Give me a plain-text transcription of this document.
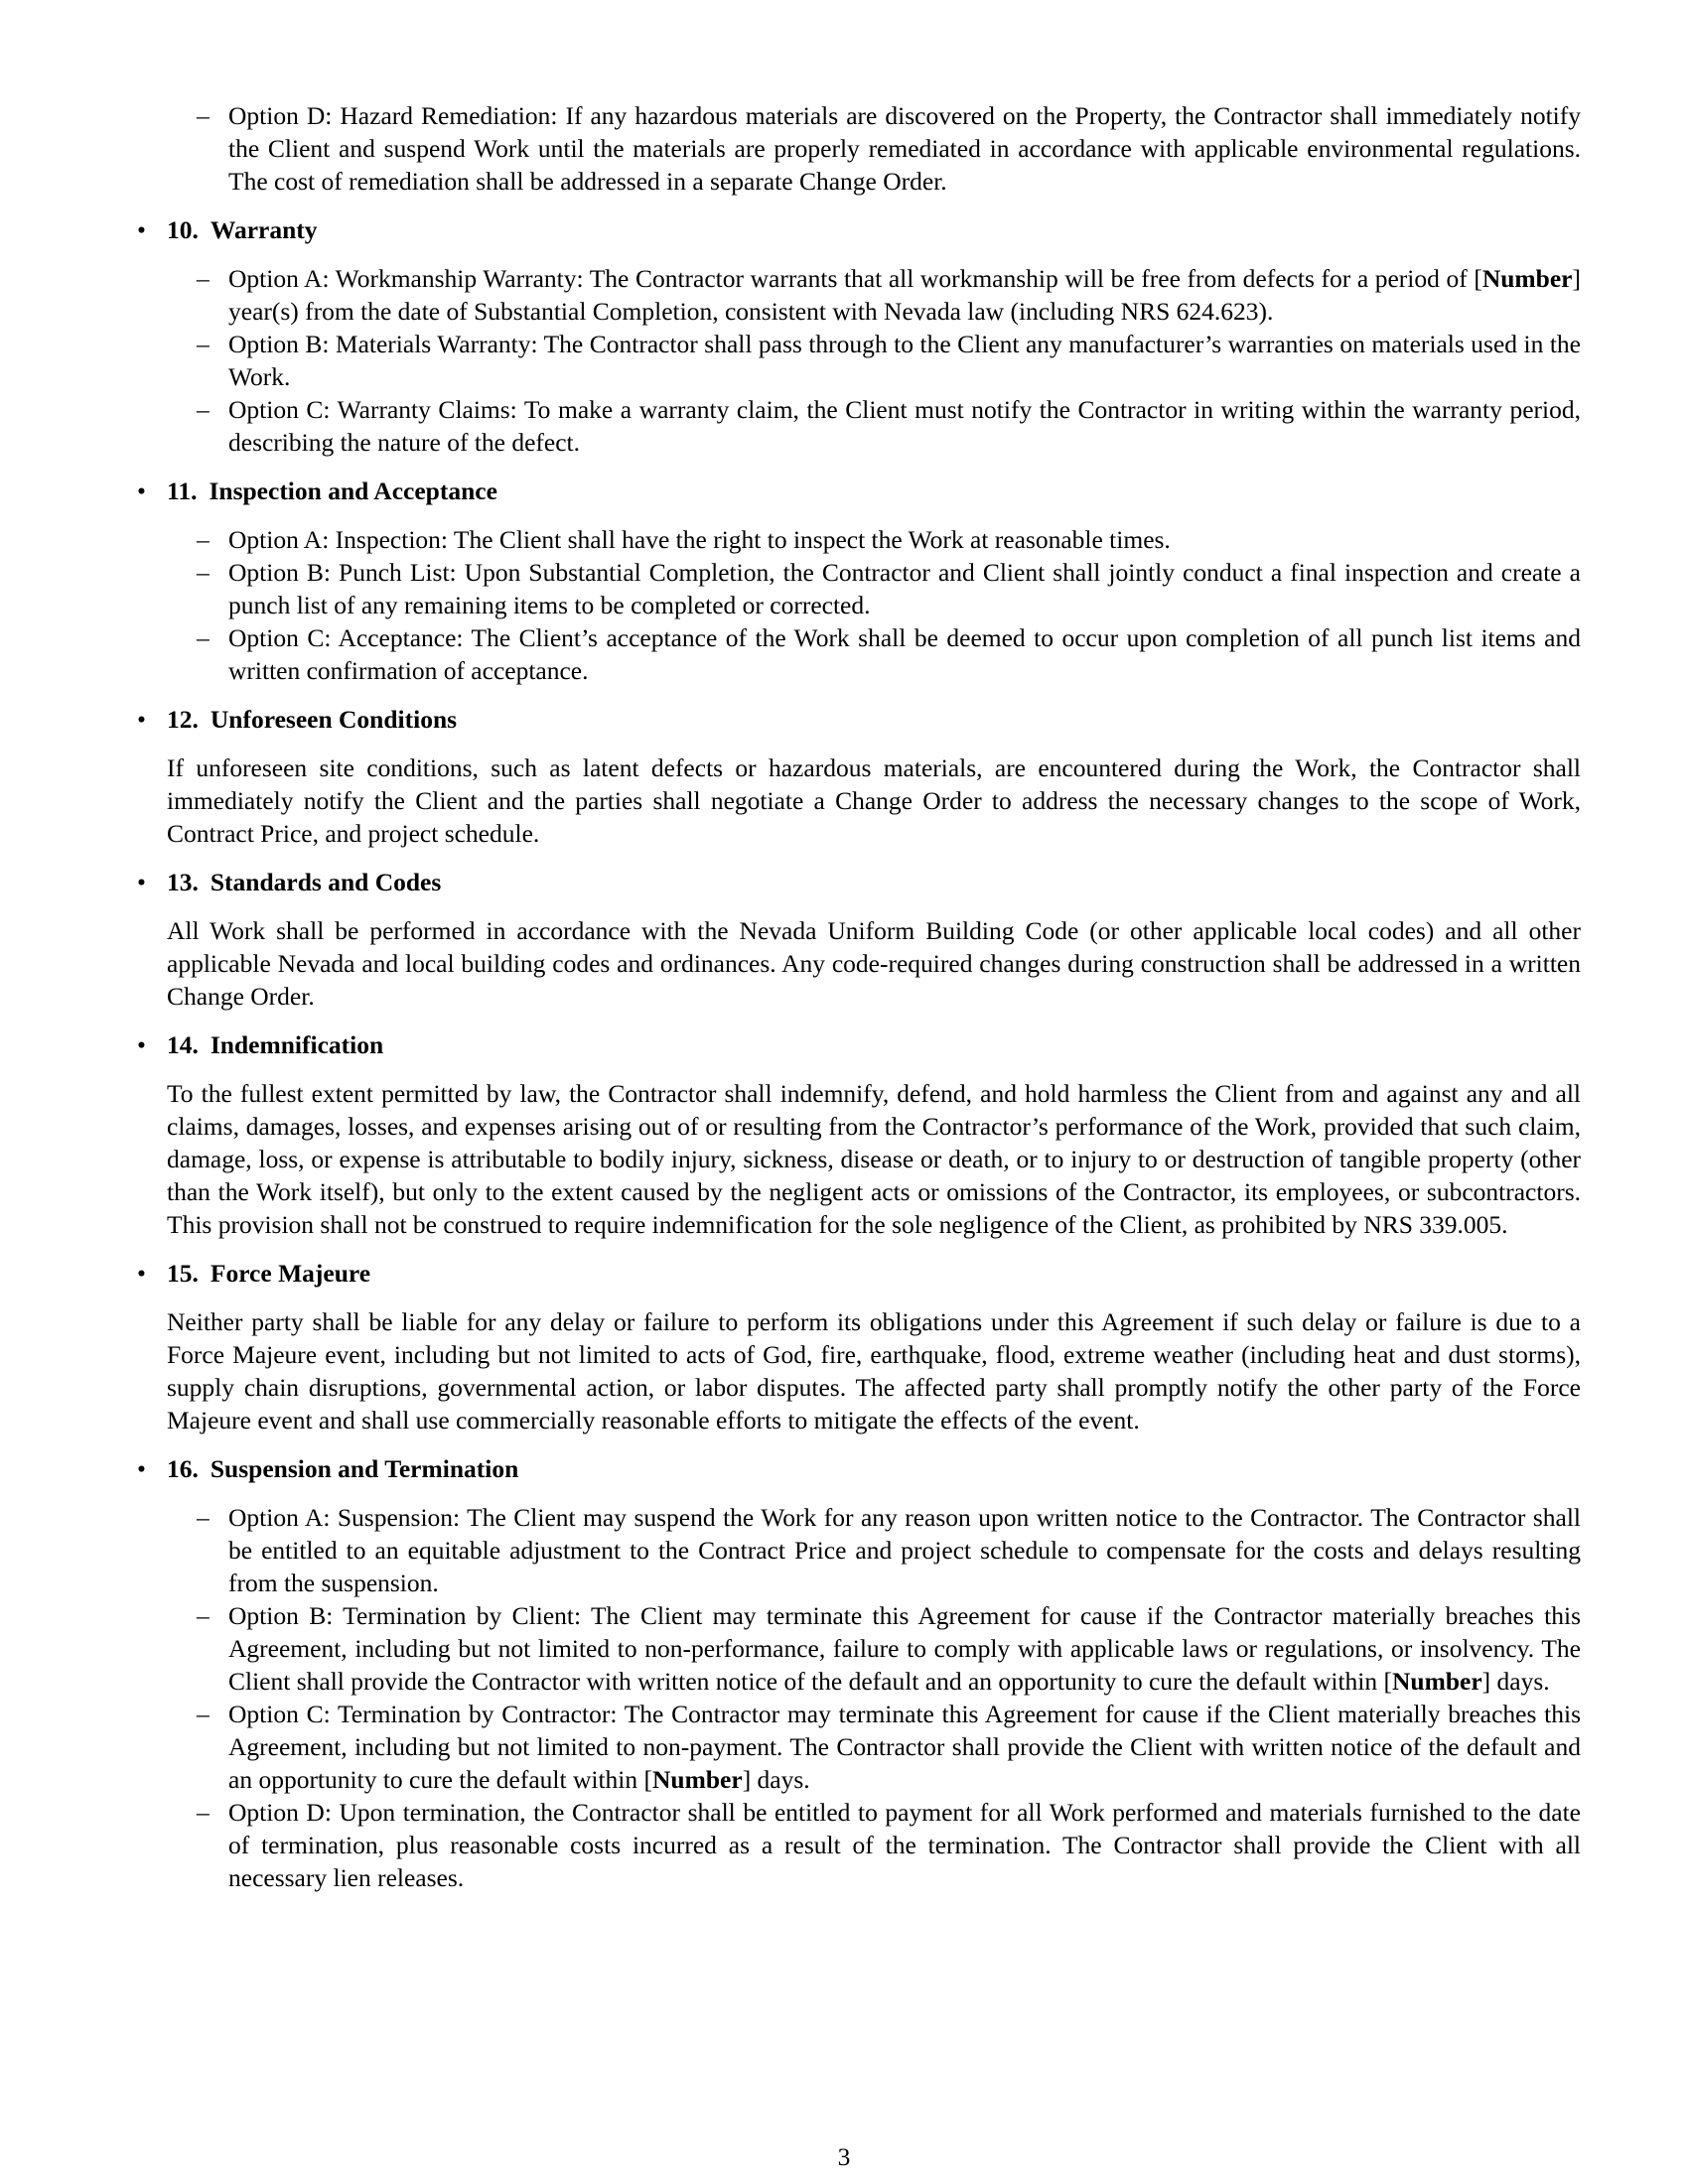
– Option D: Hazard Remediation: If any hazardous materials are discovered on the Property, the Contractor shall immediately notify the Client and suspend Work until the materials are properly remediated in accordance with applicable environmental regulations. The cost of remediation shall be addressed in a separate Change Order.
• 10. Warranty
– Option A: Workmanship Warranty: The Contractor warrants that all workmanship will be free from defects for a period of [Number] year(s) from the date of Substantial Completion, consistent with Nevada law (including NRS 624.623).
– Option B: Materials Warranty: The Contractor shall pass through to the Client any manufacturer’s warranties on materials used in the Work.
– Option C: Warranty Claims: To make a warranty claim, the Client must notify the Contractor in writing within the warranty period, describing the nature of the defect.
• 11. Inspection and Acceptance
– Option A: Inspection: The Client shall have the right to inspect the Work at reasonable times.
– Option B: Punch List: Upon Substantial Completion, the Contractor and Client shall jointly conduct a final inspection and create a punch list of any remaining items to be completed or corrected.
– Option C: Acceptance: The Client’s acceptance of the Work shall be deemed to occur upon completion of all punch list items and written confirmation of acceptance.
• 12. Unforeseen Conditions

If unforeseen site conditions, such as latent defects or hazardous materials, are encountered during the Work, the Contractor shall immediately notify the Client and the parties shall negotiate a Change Order to address the necessary changes to the scope of Work, Contract Price, and project schedule.

• 13. Standards and Codes

All Work shall be performed in accordance with the Nevada Uniform Building Code (or other applicable local codes) and all other applicable Nevada and local building codes and ordinances. Any code-required changes during construction shall be addressed in a written Change Order.

• 14. Indemnification

To the fullest extent permitted by law, the Contractor shall indemnify, defend, and hold harmless the Client from and against any and all claims, damages, losses, and expenses arising out of or resulting from the Contractor’s performance of the Work, provided that such claim, damage, loss, or expense is attributable to bodily injury, sickness, disease or death, or to injury to or destruction of tangible property (other than the Work itself), but only to the extent caused by the negligent acts or omissions of the Contractor, its employees, or subcontractors. This provision shall not be construed to require indemnification for the sole negligence of the Client, as prohibited by NRS 339.005.

• 15. Force Majeure

Neither party shall be liable for any delay or failure to perform its obligations under this Agreement if such delay or failure is due to a Force Majeure event, including but not limited to acts of God, fire, earthquake, flood, extreme weather (including heat and dust storms), supply chain disruptions, governmental action, or labor disputes. The affected party shall promptly notify the other party of the Force Majeure event and shall use commercially reasonable efforts to mitigate the effects of the event.

• 16. Suspension and Termination
– Option A: Suspension: The Client may suspend the Work for any reason upon written notice to the Contractor. The Contractor shall be entitled to an equitable adjustment to the Contract Price and project schedule to compensate for the costs and delays resulting from the suspension.
– Option B: Termination by Client: The Client may terminate this Agreement for cause if the Contractor materially breaches this Agreement, including but not limited to non-performance, failure to comply with applicable laws or regulations, or insolvency. The Client shall provide the Contractor with written notice of the default and an opportunity to cure the default within [Number] days.
– Option C: Termination by Contractor: The Contractor may terminate this Agreement for cause if the Client materially breaches this Agreement, including but not limited to non-payment. The Contractor shall provide the Client with written notice of the default and an opportunity to cure the default within [Number] days.
– Option D: Upon termination, the Contractor shall be entitled to payment for all Work performed and materials furnished to the date of termination, plus reasonable costs incurred as a result of the termination. The Contractor shall provide the Client with all necessary lien releases.
3
